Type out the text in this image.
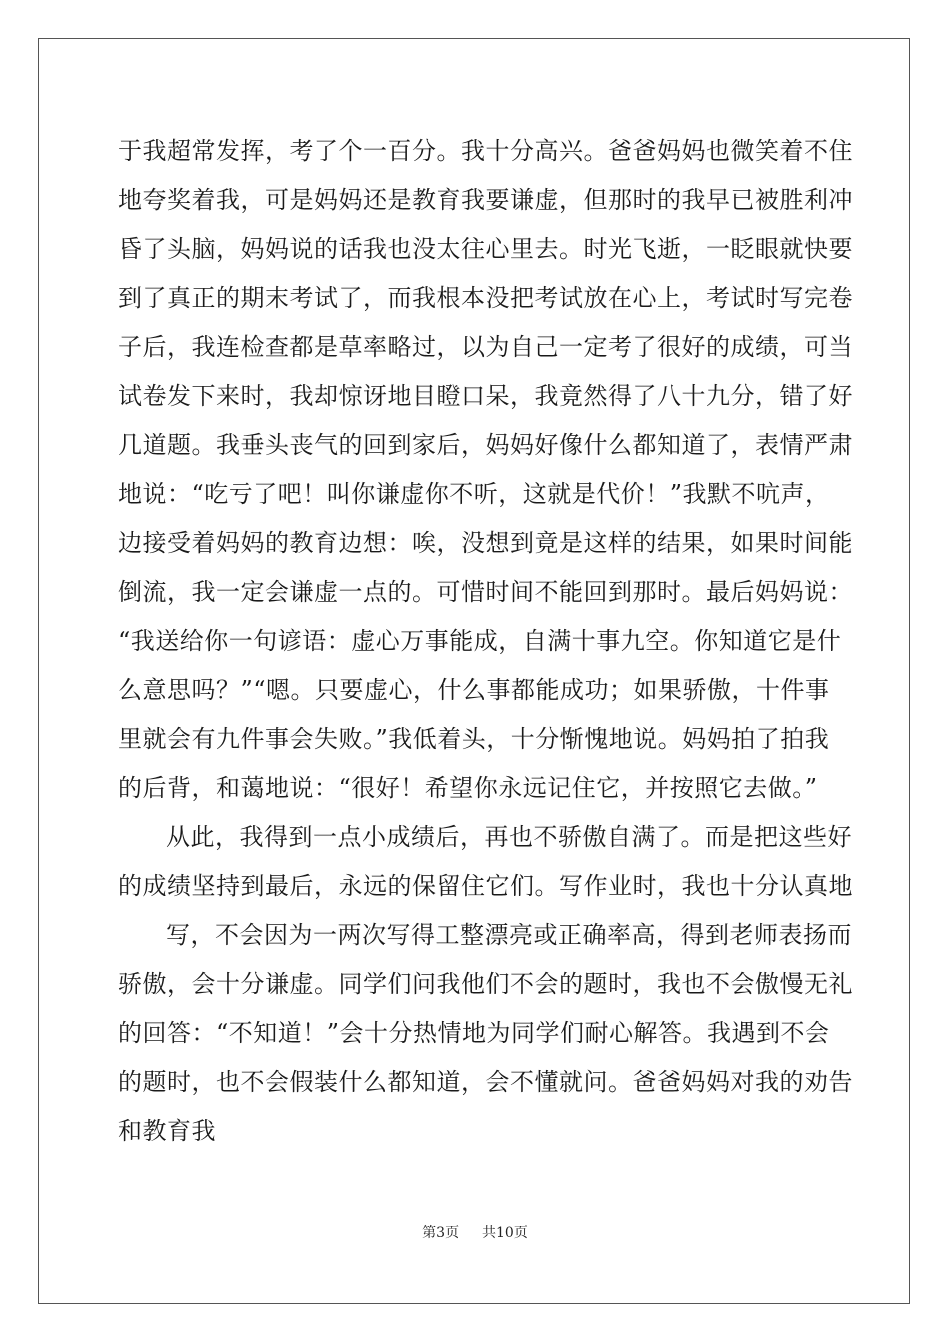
于我超常发挥，考了个一百分。我十分高兴。爸爸妈妈也微笑着不住
地夸奖着我，可是妈妈还是教育我要谦虚，但那时的我早已被胜利冲
昏了头脑，妈妈说的话我也没太往心里去。时光飞逝，一眨眼就快要
到了真正的期末考试了，而我根本没把考试放在心上，考试时写完卷
子后，我连检查都是草率略过，以为自己一定考了很好的成绩，可当
试卷发下来时，我却惊讶地目瞪口呆，我竟然得了八十九分，错了好
几道题。我垂头丧气的回到家后，妈妈好像什么都知道了，表情严肃
地说：“吃亏了吧！叫你谦虚你不听，这就是代价！”我默不吭声，
边接受着妈妈的教育边想：唉，没想到竟是这样的结果，如果时间能
倒流，我一定会谦虚一点的。可惜时间不能回到那时。最后妈妈说：
“我送给你一句谚语：虚心万事能成，自满十事九空。你知道它是什
么意思吗？”“嗯。只要虚心，什么事都能成功；如果骄傲，十件事
里就会有九件事会失败。”我低着头，十分惭愧地说。妈妈拍了拍我
的后背，和蔼地说：“很好！希望你永远记住它，并按照它去做。”
从此，我得到一点小成绩后，再也不骄傲自满了。而是把这些好
的成绩坚持到最后，永远的保留住它们。写作业时，我也十分认真地
写，不会因为一两次写得工整漂亮或正确率高，得到老师表扬而
骄傲，会十分谦虚。同学们问我他们不会的题时，我也不会傲慢无礼
的回答：“不知道！”会十分热情地为同学们耐心解答。我遇到不会
的题时，也不会假装什么都知道，会不懂就问。爸爸妈妈对我的劝告
和教育我
第3页 共10页
